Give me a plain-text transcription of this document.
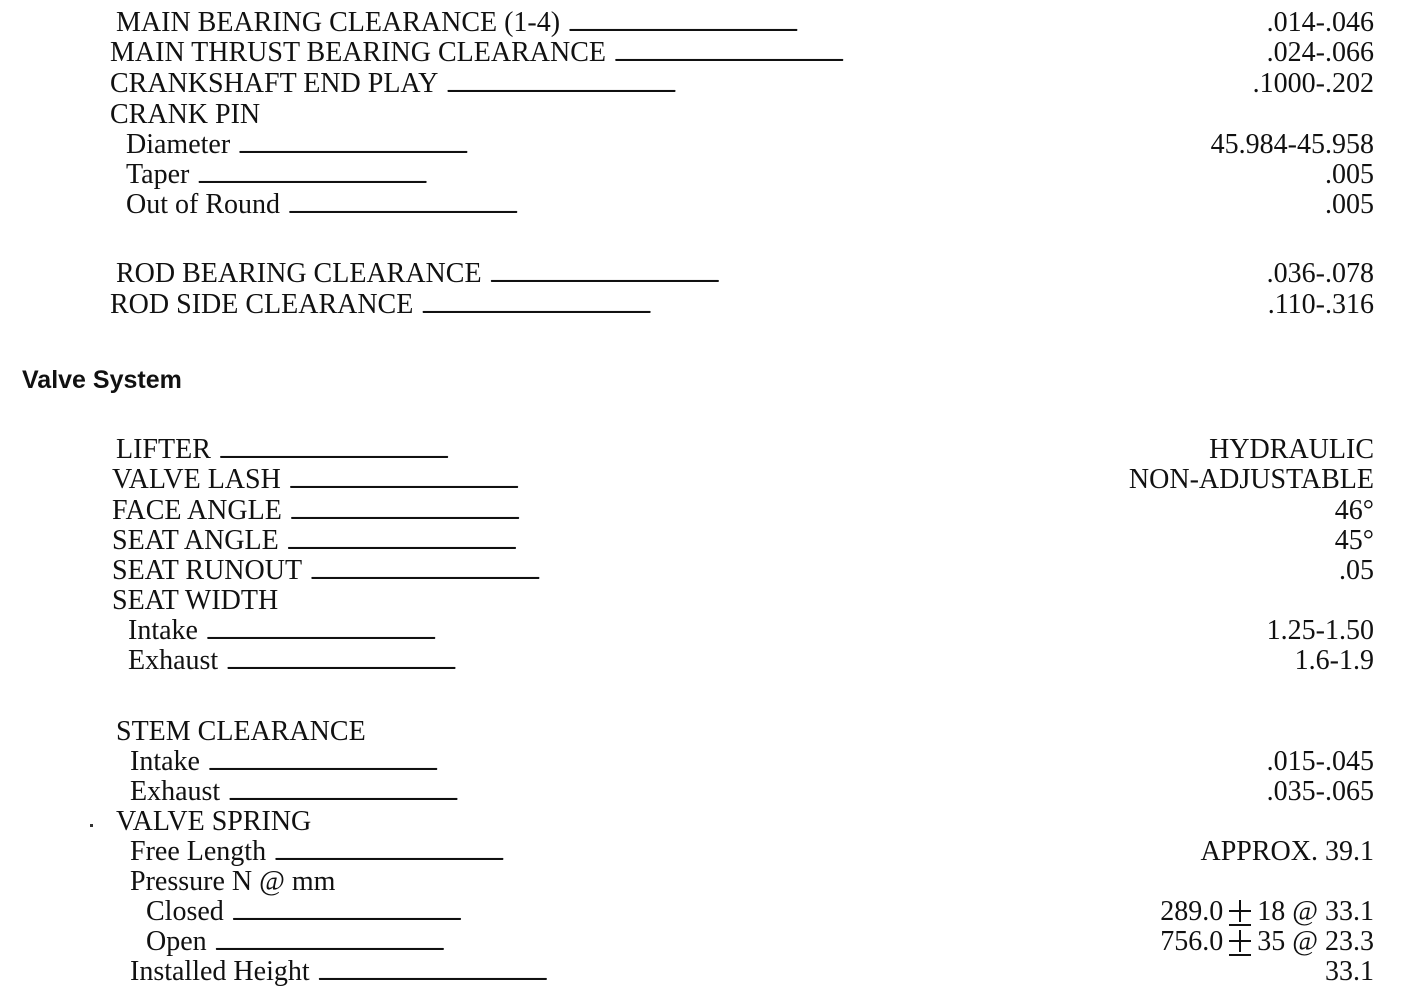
MAIN BEARING CLEARANCE (1-4) . . .	.014-.046
MAIN THRUST BEARING CLEARANCE . . .	.024-.066
CRANKSHAFT END PLAY . . .	.1000-.202
CRANK PIN
Diameter . . .	45.984-45.958
Taper . . .	.005
Out of Round . . .	.005
ROD BEARING CLEARANCE . . .	.036-.078
ROD SIDE CLEARANCE . . .	.110-.316
Valve System
LIFTER . . .	HYDRAULIC
VALVE LASH . . .	NON-ADJUSTABLE
FACE ANGLE . . .	46°
SEAT ANGLE . . .	45°
SEAT RUNOUT . . .	.05
SEAT WIDTH
Intake . . .	1.25-1.50
Exhaust . . .	1.6-1.9
STEM CLEARANCE
Intake . . .	.015-.045
Exhaust . . .	.035-.065
VALVE SPRING
Free Length . . .	APPROX. 39.1
Pressure N @ mm
Closed . . .	289.0 18 @ 33.1
Open . . .	756.0 35 @ 23.3
Installed Height . . .	33.1
